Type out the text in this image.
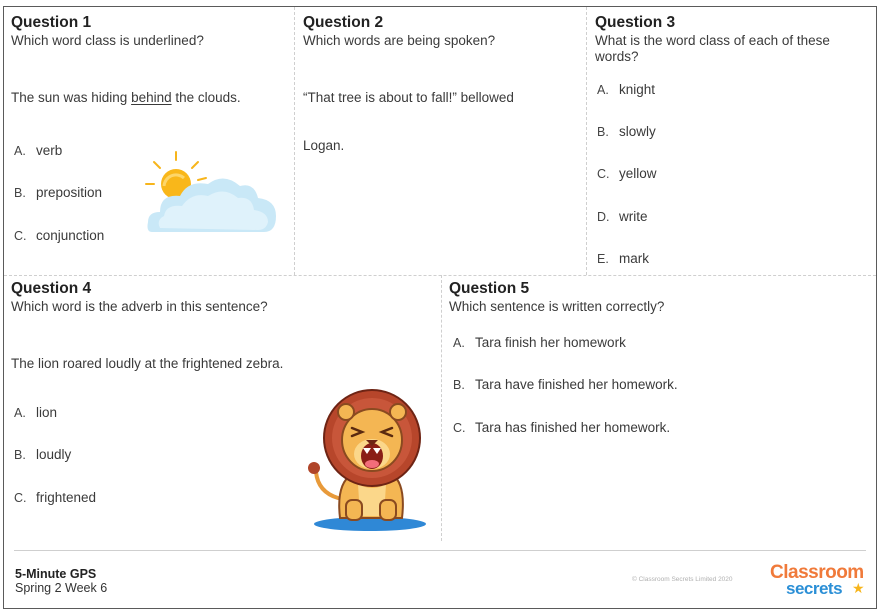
Question 1
Which word class is underlined?
The sun was hiding behind the clouds.
A. verb
B. preposition
C. conjunction
Question 2
Which words are being spoken?
“That tree is about to fall!” bellowed
Logan.
Question 3
What is the word class of each of these words?
A. knight
B. slowly
C. yellow
D. write
E. mark
Question 4
Which word is the adverb in this sentence?
The lion roared loudly at the frightened zebra.
A. lion
B. loudly
C. frightened
Question 5
Which sentence is written correctly?
A. Tara finish her homework
B. Tara have finished her homework.
C. Tara has finished her homework.
5-Minute GPS
Spring 2 Week 6
© Classroom Secrets Limited 2020 Classroom
secrets ★
